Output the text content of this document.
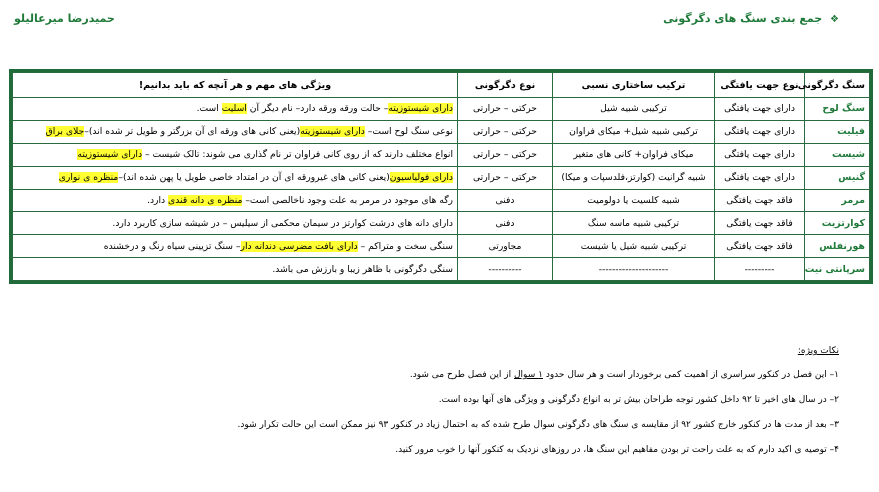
❖ جمع بندی سنگ های دگرگونی
حمیدرضا میرعالیلو
سنگ دگرگونی	نوع جهت یافتگی	ترکیب ساختاری نسبی	نوع دگرگونی	ویژگی های مهم و هر آنچه که باید بدانیم!
سنگ لوح	دارای جهت یافتگی	ترکیبی شبیه شیل	حرکتی – حرارتی	دارای شیستوزیته– حالت ورقه ورقه دارد– نام دیگر آن اسلیت است.
فیلیت	دارای جهت یافتگی	ترکیبی شبیه شیل+ میکای فراوان	حرکتی – حرارتی	نوعی سنگ لوح است– دارای شیستوزیته(یعنی کانی های ورقه ای آن بزرگتر و طویل تر شده اند)–جلای براق
شیست	دارای جهت یافتگی	میکای فراوان+ کانی های متغیر	حرکتی – حرارتی	انواع مختلف دارند که از روی کانی فراوان تر نام گذاری می شوند: تالک شیست – دارای شیستوزیته
گنیس	دارای جهت یافتگی	شبیه گرانیت (کوارتز،فلدسپات و میکا)	حرکتی – حرارتی	دارای فولیاسیون(یعنی کانی های غیرورقه ای آن در امتداد خاصی طویل یا پهن شده اند)–منظره ی نواری
مرمر	فاقد جهت یافتگی	شبیه کلسیت یا دولومیت	دفنی	رگه های موجود در مرمر به علت وجود ناخالصی است– منظره ی دانه قندی دارد.
کوارتزیت	فاقد جهت یافتگی	ترکیبی شبیه ماسه سنگ	دفنی	دارای دانه های درشت کوارتز در سیمان محکمی از سیلیس – در شیشه سازی کاربرد دارد.
هورنفلس	فاقد جهت یافتگی	ترکیبی شبیه شیل یا شیست	مجاورتی	سنگی سخت و متراکم – دارای بافت مضرسی دندانه دار– سنگ تزیینی سیاه رنگ و درخشنده
سرپانتی نیت	---------	---------------------	----------	سنگی دگرگونی با ظاهر زیبا و بارزش می باشد.
نکات ویژه:
١– این فصل در کنکور سراسری از اهمیت کمی برخوردار است و هر سال حدود ١ سوال از این فصل طرح می شود.
٢– در سال های اخیر تا ٩٢ داخل کشور توجه طراحان بیش تر به انواع دگرگونی و ویژگی های آنها بوده است.
٣– بعد از مدت ها در کنکور خارج کشور ٩٢ از مقایسه ی سنگ های دگرگونی سوال طرح شده که به احتمال زیاد در کنکور ٩٣ نیز ممکن است این حالت تکرار شود.
۴– توصیه ی اکید دارم که به علت راحت تر بودن مفاهیم این سنگ ها، در روزهای نزدیک به کنکور آنها را خوب مرور کنید.
